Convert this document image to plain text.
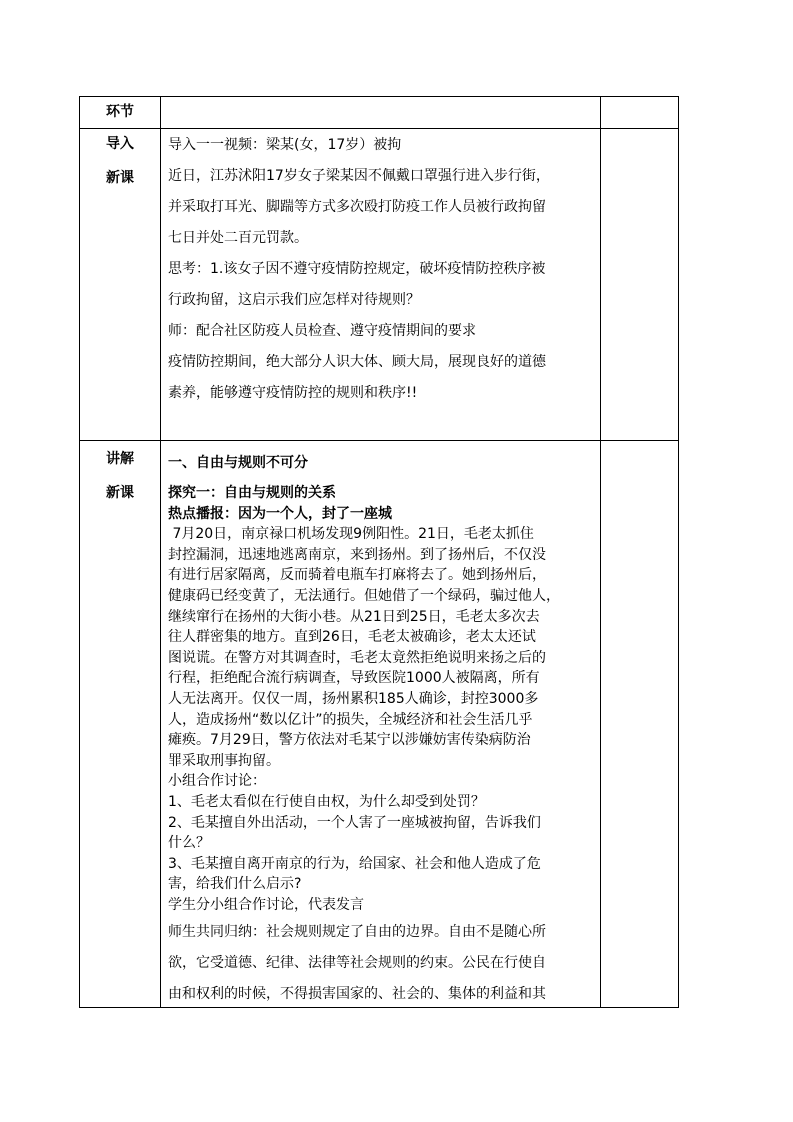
环节
导入
新课

导入一一视频：梁某(女，17岁）被拘

近日，江苏沭阳17岁女子梁某因不佩戴口罩强行进入步行街，

并采取打耳光、脚踹等方式多次殴打防疫工作人员被行政拘留

七日并处二百元罚款。

思考：1.该女子因不遵守疫情防控规定，破坏疫情防控秩序被

行政拘留，这启示我们应怎样对待规则？

师：配合社区防疫人员检查、遵守疫情期间的要求

疫情防控期间，绝大部分人识大体、顾大局，展现良好的道德

素养，能够遵守疫情防控的规则和秩序!!

讲解
新课

一、自由与规则不可分

探究一：自由与规则的关系

热点播报：因为一个人，封了一座城

7月20日，南京禄口机场发现9例阳性。21日，毛老太抓住

封控漏洞，迅速地逃离南京，来到扬州。到了扬州后，不仅没

有进行居家隔离，反而骑着电瓶车打麻将去了。她到扬州后，

健康码已经变黄了，无法通行。但她借了一个绿码，骗过他人，

继续窜行在扬州的大街小巷。从21日到25日，毛老太多次去

往人群密集的地方。直到26日，毛老太被确诊，老太太还试

图说谎。在警方对其调查时，毛老太竟然拒绝说明来扬之后的

行程，拒绝配合流行病调查，导致医院1000人被隔离，所有

人无法离开。仅仅一周，扬州累积185人确诊，封控3000多

人，造成扬州“数以亿计”的损失，全城经济和社会生活几乎

瘫痪。7月29日，警方依法对毛某宁以涉嫌妨害传染病防治

罪采取刑事拘留。

小组合作讨论：

1、毛老太看似在行使自由权，为什么却受到处罚？

2、毛某擅自外出活动，一个人害了一座城被拘留，告诉我们

什么？

3、毛某擅自离开南京的行为，给国家、社会和他人造成了危

害，给我们什么启示?

学生分小组合作讨论，代表发言

师生共同归纳：社会规则规定了自由的边界。自由不是随心所

欲，它受道德、纪律、法律等社会规则的约束。公民在行使自

由和权利的时候，不得损害国家的、社会的、集体的利益和其
